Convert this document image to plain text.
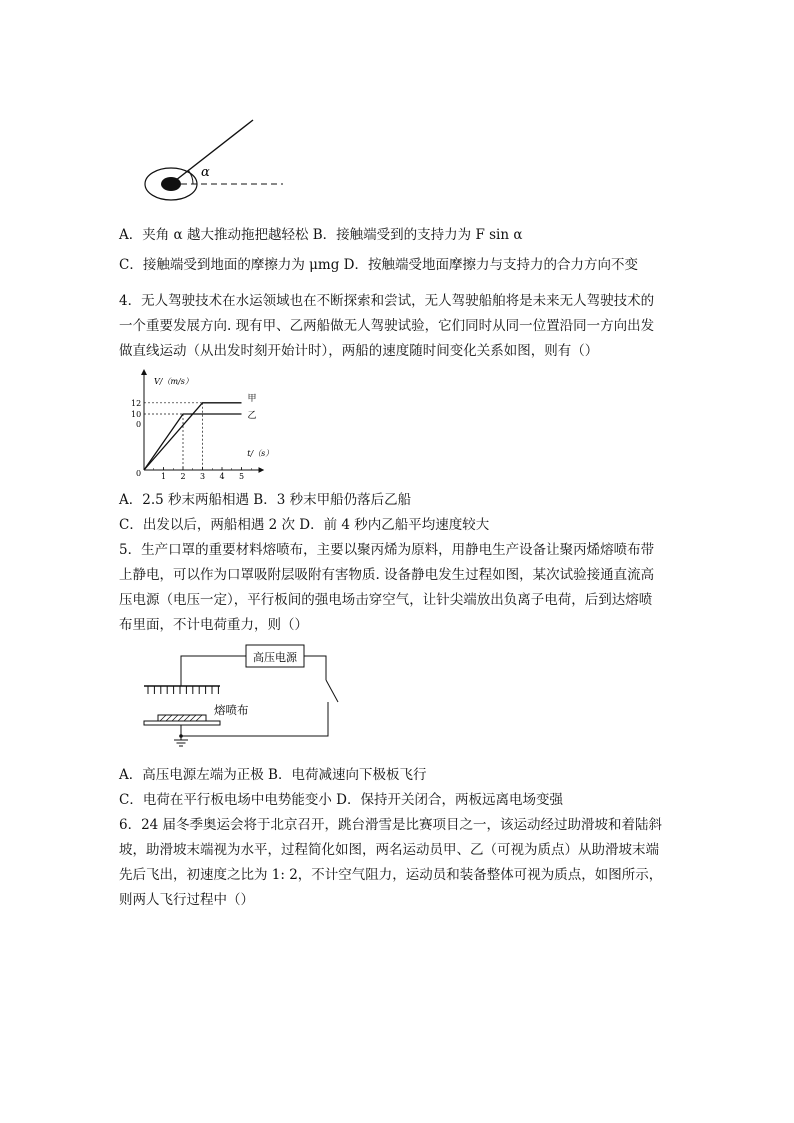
α
A．夹角 α 越大推动拖把越轻松 B．接触端受到的支持力为 F sin α
C．接触端受到地面的摩擦力为 μmg D．按触端受地面摩擦力与支持力的合力方向不变
4．无人驾驶技术在水运领域也在不断探索和尝试，无人驾驶船舶将是未来无人驾驶技术的
一个重要发展方向. 现有甲、乙两船做无人驾驶试验，它们同时从同一位置沿同一方向出发
做直线运动（从出发时刻开始计时），两船的速度随时间变化关系如图，则有（）
V/（m/s）
t/（s）
1 2 3 4 5
0
12
10
0
甲
乙
A．2.5 秒末两船相遇 B．3 秒末甲船仍落后乙船
C．出发以后，两船相遇 2 次 D．前 4 秒内乙船平均速度较大
5．生产口罩的重要材料熔喷布，主要以聚丙烯为原料，用静电生产设备让聚丙烯熔喷布带
上静电，可以作为口罩吸附层吸附有害物质. 设备静电发生过程如图，某次试验接通直流高
压电源（电压一定），平行板间的强电场击穿空气，让针尖端放出负离子电荷，后到达熔喷
布里面，不计电荷重力，则（）
高压电源
熔喷布
A．高压电源左端为正极 B．电荷减速向下极板飞行
C．电荷在平行板电场中电势能变小 D．保持开关闭合，两板远离电场变强
6．24 届冬季奥运会将于北京召开，跳台滑雪是比赛项目之一，该运动经过助滑坡和着陆斜
坡，助滑坡末端视为水平，过程简化如图，两名运动员甲、乙（可视为质点）从助滑坡末端
先后飞出，初速度之比为 1: 2，不计空气阻力，运动员和装备整体可视为质点，如图所示，
则两人飞行过程中（）
